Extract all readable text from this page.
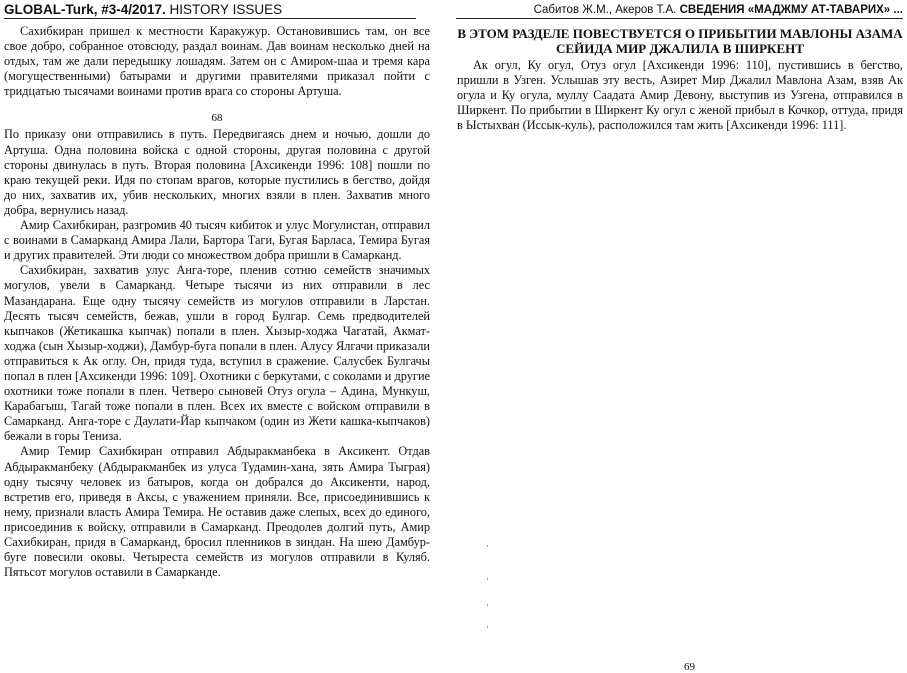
GLOBAL-Turk, #3-4/2017. HISTORY ISSUES	Сабитов Ж.М., Акеров Т.А. СВЕДЕНИЯ «МАДЖМУ АТ-ТАВАРИХ» ...

Сахибкиран пришел к местности Каракужур. Остановившись там, он все свое добро, собранное отовсюду, раздал воинам. Дав воинам несколько дней на отдых, там же дали передышку лошадям. Затем он с Амиром-шаа и тремя кара (могущественными) батырами и другими правителями приказал пойти с тридцатью тысячами воинами против врага со стороны Артуша.

68

По приказу они отправились в путь. Передвигаясь днем и ночью, дошли до Артуша. Одна половина войска с одной стороны, другая половина с другой стороны двинулась в путь. Вторая половина [Ахсикенди 1996: 108] пошли по краю текущей реки. Идя по стопам врагов, которые пустились в бегство, дойдя до них, захватив их, убив нескольких, многих взяли в плен. Захватив много добра, вернулись назад.

Амир Сахибкиран, разгромив 40 тысяч кибиток и улус Могулистан, отправил с воинами в Самарканд Амира Лали, Бартора Таги, Бугая Барласа, Темира Бугая и других правителей. Эти люди со множеством добра пришли в Самарканд.

Сахибкиран, захватив улус Анга-торе, пленив сотню семейств значимых могулов, увели в Самарканд. Четыре тысячи из них отправили в лес Мазандарана. Еще одну тысячу семейств из могулов отправили в Ларстан. Десять тысяч семейств, бежав, ушли в город Булгар. Семь предводителей кыпчаков (Жетикашка кыпчак) попали в плен. Хызыр-ходжа Чагатай, Акмат-ходжа (сын Хызыр-ходжи), Дамбур-буга попали в плен. Алусу Ялгачи приказали отправиться к Ак оглу. Он, придя туда, вступил в сражение. Салусбек Булгачы попал в плен [Ахсикенди 1996: 109]. Охотники с беркутами, с соколами и другие охотники тоже попали в плен. Четверо сыновей Отуз огула – Адина, Мункуш, Карабагыш, Тагай тоже попали в плен. Всех их вместе с войском отправили в Самарканд. Анга-торе с Даулати-Йар кыпчаком (один из Жети кашка-кыпчаков) бежали в горы Тениза.

Амир Темир Сахибкиран отправил Абдыракманбека в Аксикент. Отдав Абдыракманбеку (Абдыракманбек из улуса Тудамин-хана, зять Амира Тыграя) одну тысячу человек из батыров, когда он добрался до Аксикенти, народ, встретив его, приведя в Аксы, с уважением приняли. Все, присоединившись к нему, признали власть Амира Темира. Не оставив даже слепых, всех до единого, присоединив к войску, отправили в Самарканд. Преодолев долгий путь, Амир Сахибкиран, придя в Самарканд, бросил пленников в зиндан. На шею Дамбур-буге повесили оковы. Четыреста семейств из могулов отправили в Куляб. Пятьсот могулов оставили в Самарканде.

В ЭТОМ РАЗДЕЛЕ ПОВЕСТВУЕТСЯ О ПРИБЫТИИ МАВЛОНЫ АЗАМА СЕЙИДА МИР ДЖАЛИЛА В ШИРКЕНТ

Ак огул, Ку огул, Отуз огул [Ахсикенди 1996: 110], пустившись в бегство, пришли в Узген. Услышав эту весть, Азирет Мир Джалил Мавлона Азам, взяв Ак огула и Ку огула, муллу Саадата Амир Девону, выступив из Узгена, отправился в Ширкент. По прибытии в Ширкент Ку огул с женой прибыл в Кочкор, оттуда, придя в Ыстыхван (Иссык-куль), расположился там жить [Ахсикенди 1996: 111].

69
